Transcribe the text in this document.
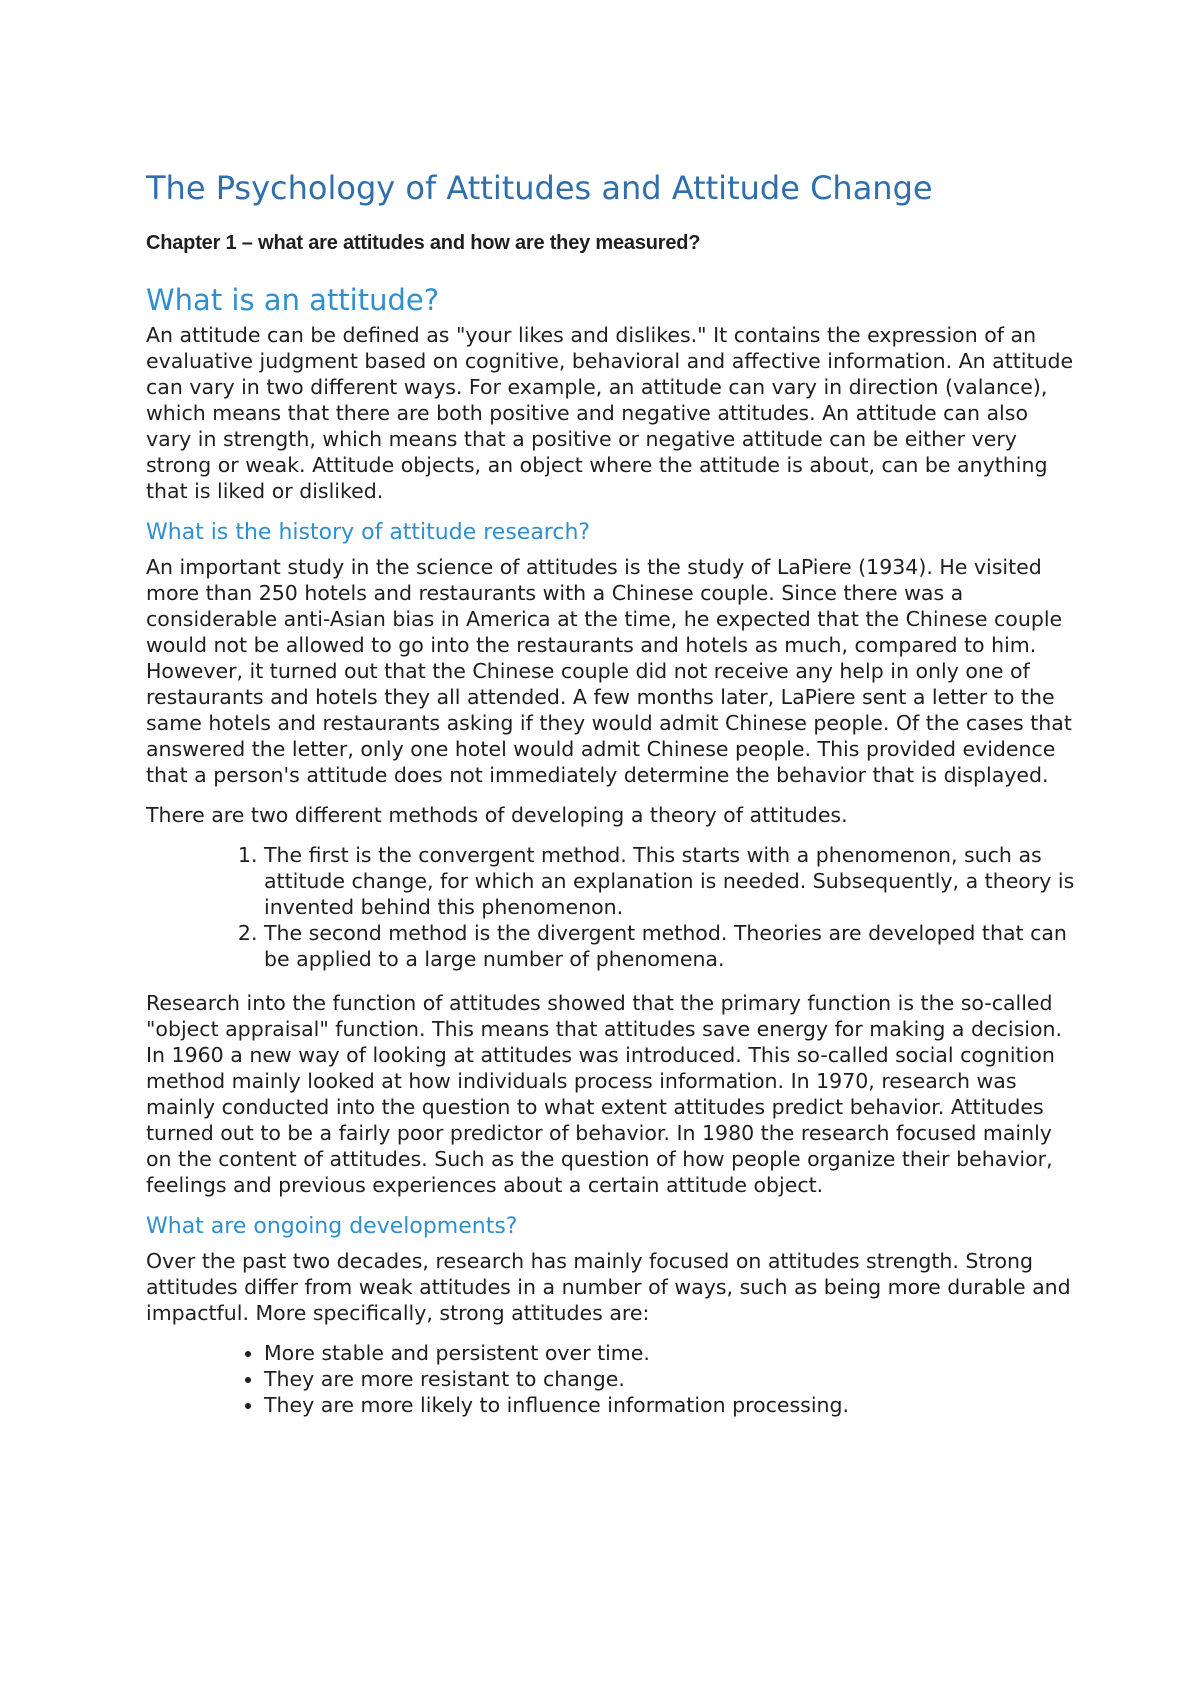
The Psychology of Attitudes and Attitude Change
Chapter 1 – what are attitudes and how are they measured?
What is an attitude?

An attitude can be defined as "your likes and dislikes." It contains the expression of an evaluative judgment based on cognitive, behavioral and affective information. An attitude can vary in two different ways. For example, an attitude can vary in direction (valance), which means that there are both positive and negative attitudes. An attitude can also vary in strength, which means that a positive or negative attitude can be either very strong or weak. Attitude objects, an object where the attitude is about, can be anything that is liked or disliked.

What is the history of attitude research?

An important study in the science of attitudes is the study of LaPiere (1934). He visited more than 250 hotels and restaurants with a Chinese couple. Since there was a considerable anti-Asian bias in America at the time, he expected that the Chinese couple would not be allowed to go into the restaurants and hotels as much, compared to him. However, it turned out that the Chinese couple did not receive any help in only one of restaurants and hotels they all attended. A few months later, LaPiere sent a letter to the same hotels and restaurants asking if they would admit Chinese people. Of the cases that answered the letter, only one hotel would admit Chinese people. This provided evidence that a person's attitude does not immediately determine the behavior that is displayed.

There are two different methods of developing a theory of attitudes.

1. The first is the convergent method. This starts with a phenomenon, such as attitude change, for which an explanation is needed. Subsequently, a theory is invented behind this phenomenon.
2. The second method is the divergent method. Theories are developed that can be applied to a large number of phenomena.

Research into the function of attitudes showed that the primary function is the so-called "object appraisal" function. This means that attitudes save energy for making a decision. In 1960 a new way of looking at attitudes was introduced. This so-called social cognition method mainly looked at how individuals process information. In 1970, research was mainly conducted into the question to what extent attitudes predict behavior. Attitudes turned out to be a fairly poor predictor of behavior. In 1980 the research focused mainly on the content of attitudes. Such as the question of how people organize their behavior, feelings and previous experiences about a certain attitude object.

What are ongoing developments?

Over the past two decades, research has mainly focused on attitudes strength. Strong attitudes differ from weak attitudes in a number of ways, such as being more durable and impactful. More specifically, strong attitudes are:

• More stable and persistent over time.
• They are more resistant to change.
• They are more likely to influence information processing.
